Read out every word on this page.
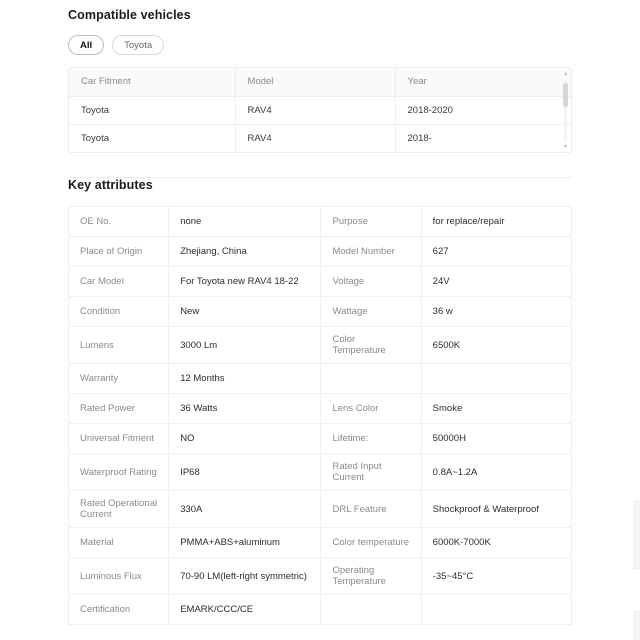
Compatible vehicles
All	Toyota
Car Fitment	Model	Year
Toyota	RAV4	2018-2020
Toyota	RAV4	2018-
▴
▾
Key attributes
OE No.	none	Purpose	for replace/repair
Place of Origin	Zhejiang, China	Model Number	627
Car Model	For Toyota new RAV4 18-22	Voltage	24V
Condition	New	Wattage	36 w
Lumens	3000 Lm	Color Temperature	6500K
Warranty	12 Months		
Rated Power	36 Watts	Lens Color	Smoke
Universal Fitment	NO	Lifetime:	50000H
Waterproof Rating	IP68	Rated Input Current	0.8A~1.2A
Rated Operational Current	330A	DRL Feature	Shockproof & Waterproof
Material	PMMA+ABS+aluminum	Color temperature	6000K-7000K
Luminous Flux	70-90 LM(left-right symmetric)	Operating Temperature	-35~45°C
Certification	EMARK/CCC/CE		
